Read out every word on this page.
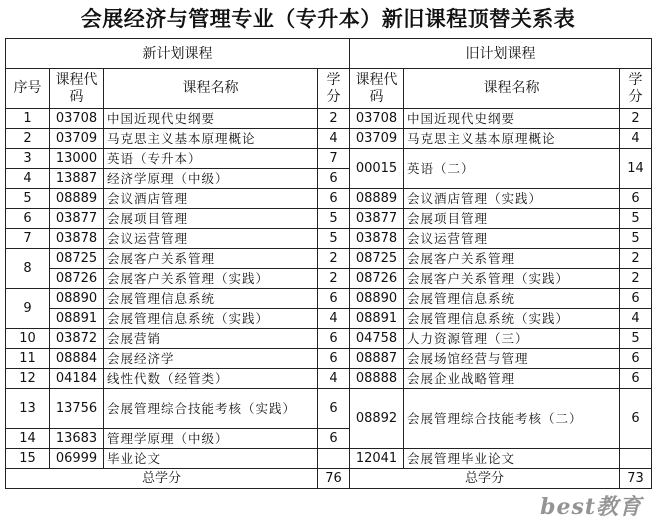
会展经济与管理专业（专升本）新旧课程顶替关系表
新计划课程				旧计划课程		
序号	课程代码	课程名称	学分	课程代码	课程名称	学分
1	03708	中国近现代史纲要	2	03708	中国近现代史纲要	2
2	03709	马克思主义基本原理概论	4	03709	马克思主义基本原理概论	4
3	13000	英语（专升本）	7	00015	英语（二）	14
4	13887	经济学原理（中级）	6			
5	08889	会议酒店管理	6	08889	会议酒店管理（实践）	6
6	03877	会展项目管理	5	03877	会展项目管理	5
7	03878	会议运营管理	5	03878	会议运营管理	5
8	08725	会展客户关系管理	2	08725	会展客户关系管理	2
	08726	会展客户关系管理（实践）	2	08726	会展客户关系管理（实践）	2
9	08890	会展管理信息系统	6	08890	会展管理信息系统	6
	08891	会展管理信息系统（实践）	4	08891	会展管理信息系统（实践）	4
10	03872	会展营销	6	04758	人力资源管理（三）	5
11	08884	会展经济学	6	08887	会展场馆经营与管理	6
12	04184	线性代数（经管类）	4	08888	会展企业战略管理	6
13	13756	会展管理综合技能考核（实践）	6	08892	会展管理综合技能考核（二）	6
14	13683	管理学原理（中级）	6			
15	06999	毕业论文		12041	会展管理毕业论文	
总学分			76	总学分		73
best教育
